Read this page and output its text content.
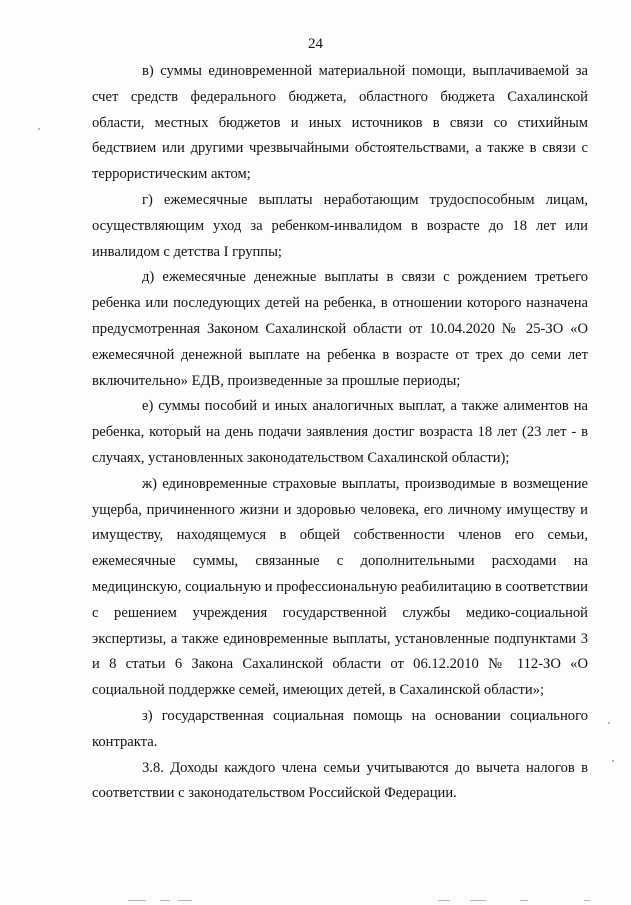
24

в) суммы единовременной материальной помощи, выплачиваемой за счет средств федерального бюджета, областного бюджета Сахалинской области, местных бюджетов и иных источников в связи со стихийным бедствием или другими чрезвычайными обстоятельствами, а также в связи с террористическим актом;

г) ежемесячные выплаты неработающим трудоспособным лицам, осуществляющим уход за ребенком-инвалидом в возрасте до 18 лет или инвалидом с детства I группы;

д) ежемесячные денежные выплаты в связи с рождением третьего ребенка или последующих детей на ребенка, в отношении которого назначена предусмотренная Законом Сахалинской области от 10.04.2020 № 25-ЗО «О ежемесячной денежной выплате на ребенка в возрасте от трех до семи лет включительно» ЕДВ, произведенные за прошлые периоды;

е) суммы пособий и иных аналогичных выплат, а также алиментов на ребенка, который на день подачи заявления достиг возраста 18 лет (23 лет - в случаях, установленных законодательством Сахалинской области);

ж) единовременные страховые выплаты, производимые в возмещение ущерба, причиненного жизни и здоровью человека, его личному имуществу и имуществу, находящемуся в общей собственности членов его семьи, ежемесячные суммы, связанные с дополнительными расходами на медицинскую, социальную и профессиональную реабилитацию в соответствии с решением учреждения государственной службы медико-социальной экспертизы, а также единовременные выплаты, установленные подпунктами 3 и 8 статьи 6 Закона Сахалинской области от 06.12.2010 № 112-ЗО «О социальной поддержке семей, имеющих детей, в Сахалинской области»;

з) государственная социальная помощь на основании социального контракта.

3.8. Доходы каждого члена семьи учитываются до вычета налогов в соответствии с законодательством Российской Федерации.
